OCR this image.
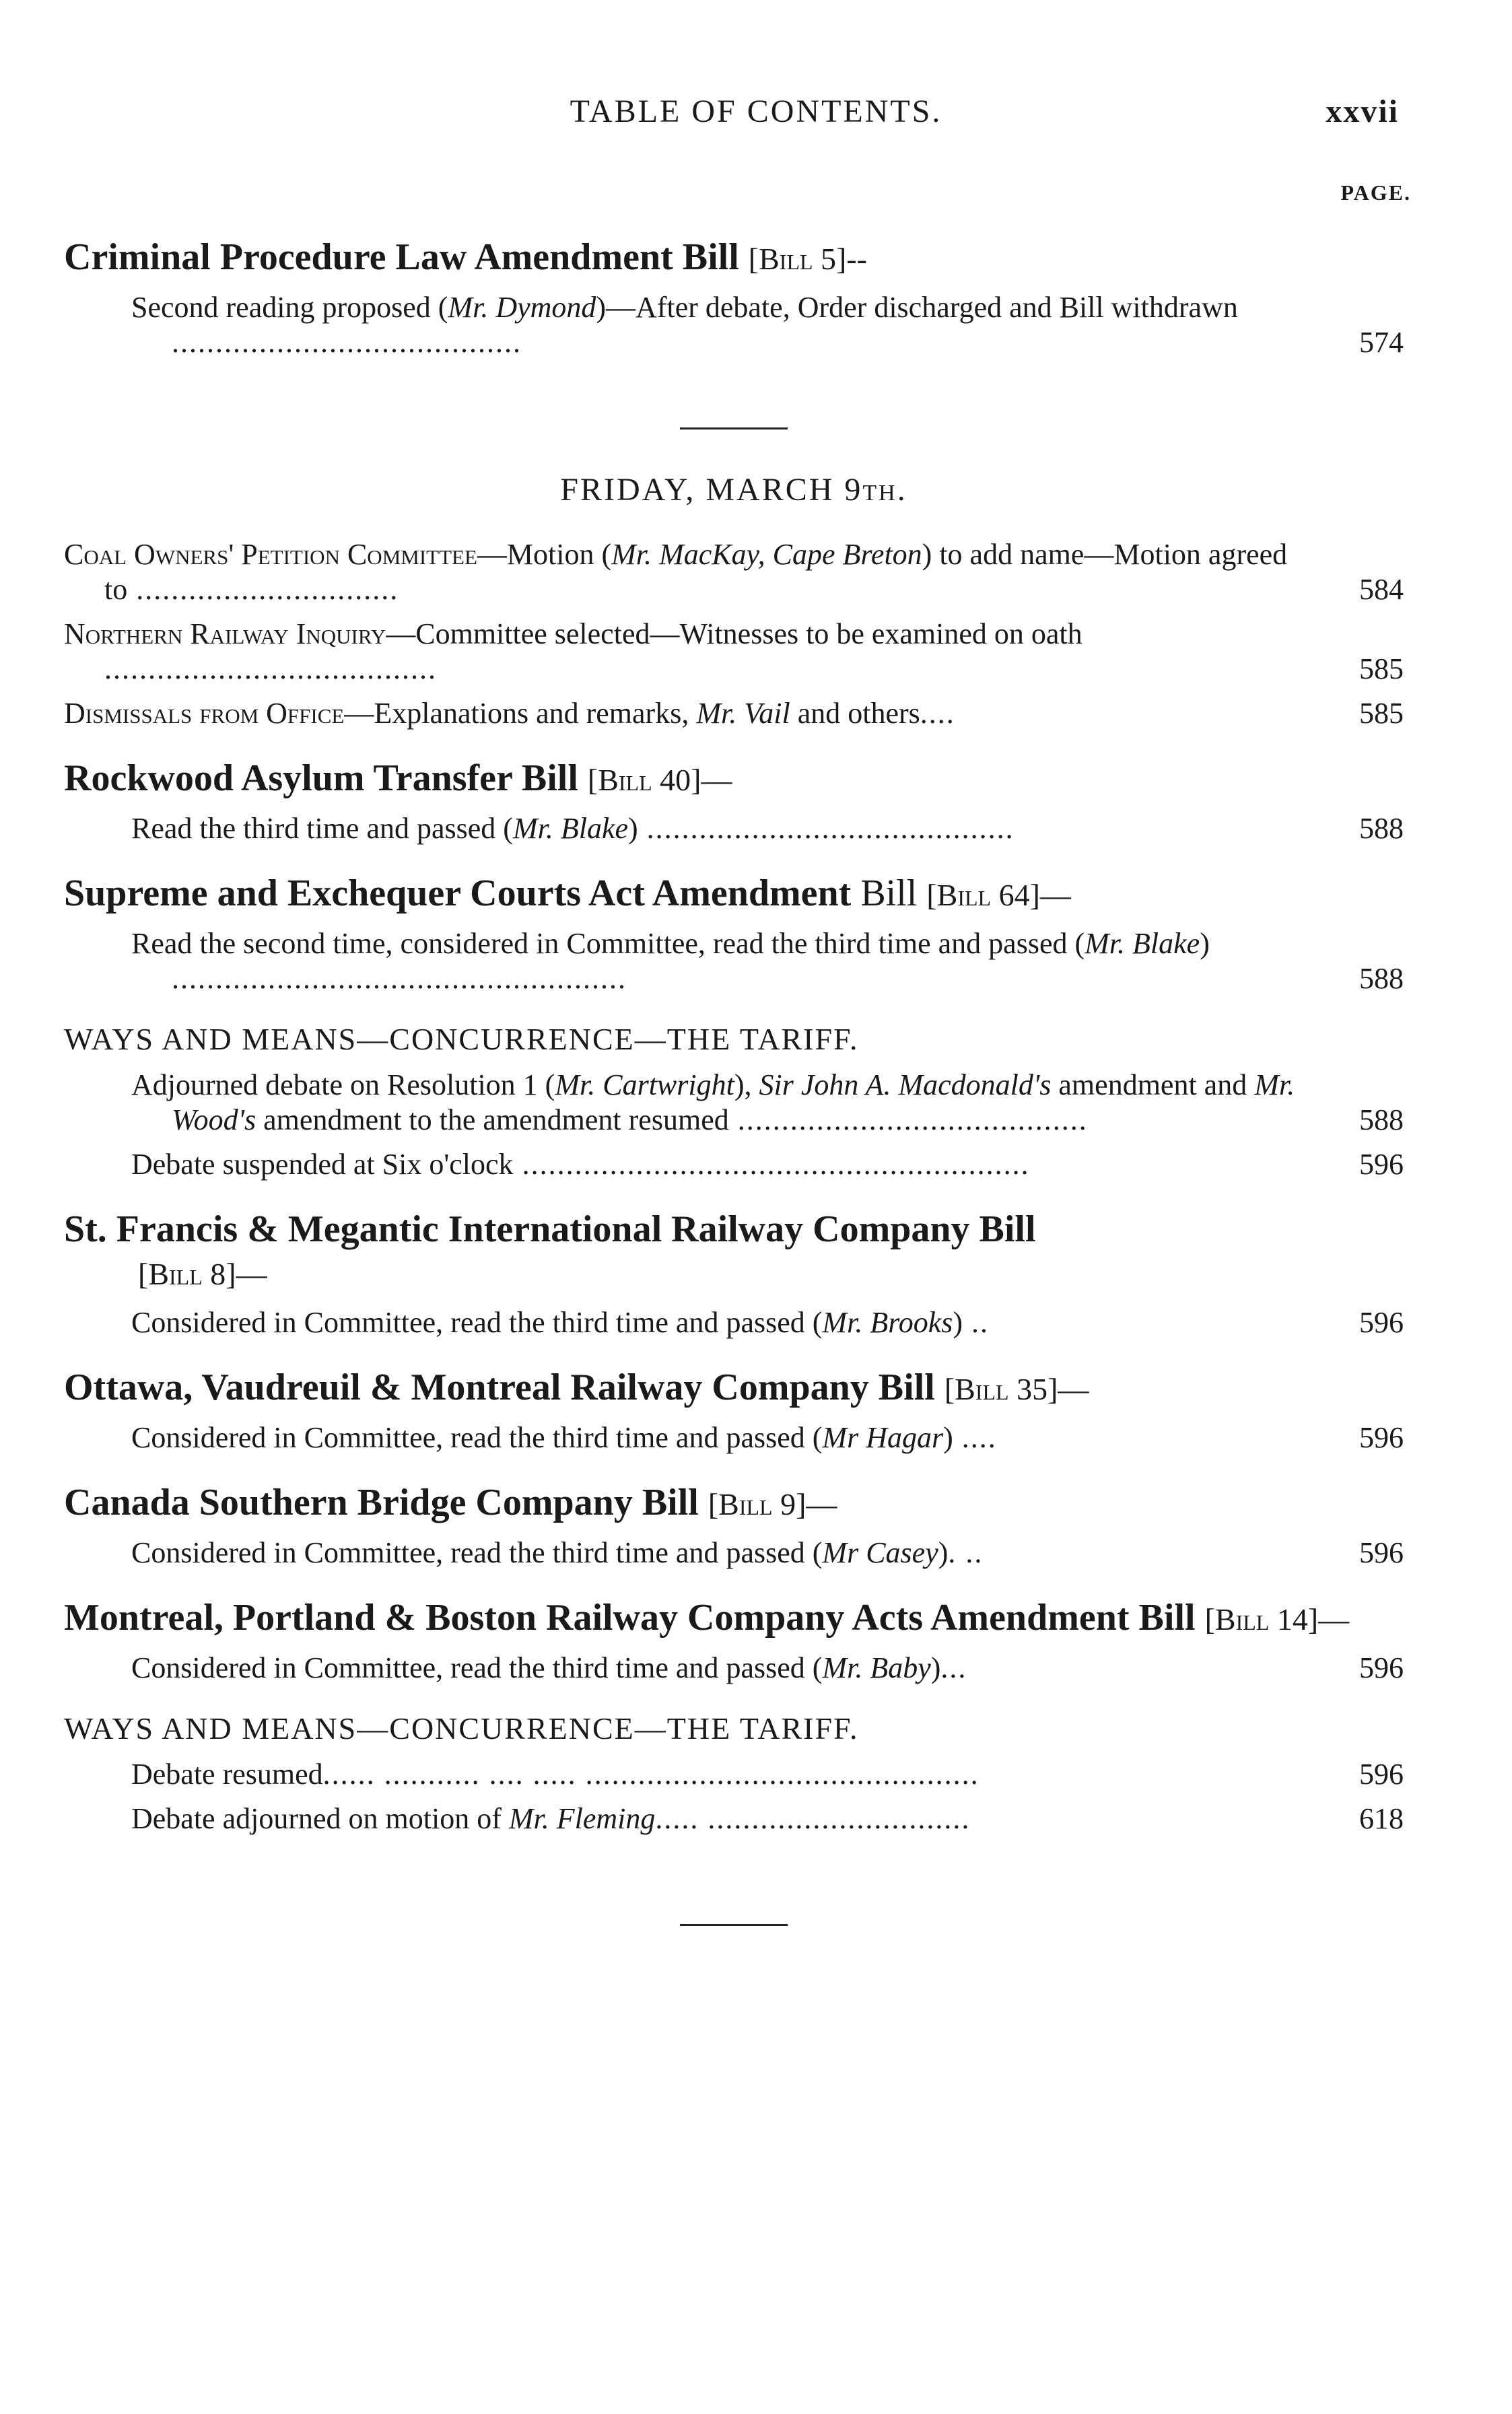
TABLE OF CONTENTS.	xxvii
PAGE.
Criminal Procedure Law Amendment Bill [Bill 5]--
Second reading proposed (Mr. Dymond)—After debate, Order discharged and Bill withdrawn ........................................	574
FRIDAY, MARCH 9th.
Coal Owners' Petition Committee—Motion (Mr. MacKay, Cape Breton) to add name—Motion agreed to ..............................	584
Northern Railway Inquiry—Committee selected—Witnesses to be examined on oath ......................................	585
Dismissals from Office—Explanations and remarks, Mr. Vail and others....	585
Rockwood Asylum Transfer Bill [Bill 40]—
Read the third time and passed (Mr. Blake) ..........................................	588
Supreme and Exchequer Courts Act Amendment Bill [Bill 64]—
Read the second time, considered in Committee, read the third time and passed (Mr. Blake) ....................................................	588
WAYS AND MEANS—CONCURRENCE—THE TARIFF.
Adjourned debate on Resolution 1 (Mr. Cartwright), Sir John A. Macdonald's amendment and Mr. Wood's amendment to the amendment resumed ........................................	588
Debate suspended at Six o'clock ..........................................................	596
St. Francis & Megantic International Railway Company Bill
[Bill 8]—
Considered in Committee, read the third time and passed (Mr. Brooks) ..	596
Ottawa, Vaudreuil & Montreal Railway Company Bill [Bill 35]—
Considered in Committee, read the third time and passed (Mr Hagar) ....	596
Canada Southern Bridge Company Bill [Bill 9]—
Considered in Committee, read the third time and passed (Mr Casey). ..	596
Montreal, Portland & Boston Railway Company Acts Amendment Bill [Bill 14]—
Considered in Committee, read the third time and passed (Mr. Baby)...	596
WAYS AND MEANS—CONCURRENCE—THE TARIFF.
Debate resumed...... ........... .... ..... .............................................	596
Debate adjourned on motion of Mr. Fleming..... ..............................	618
